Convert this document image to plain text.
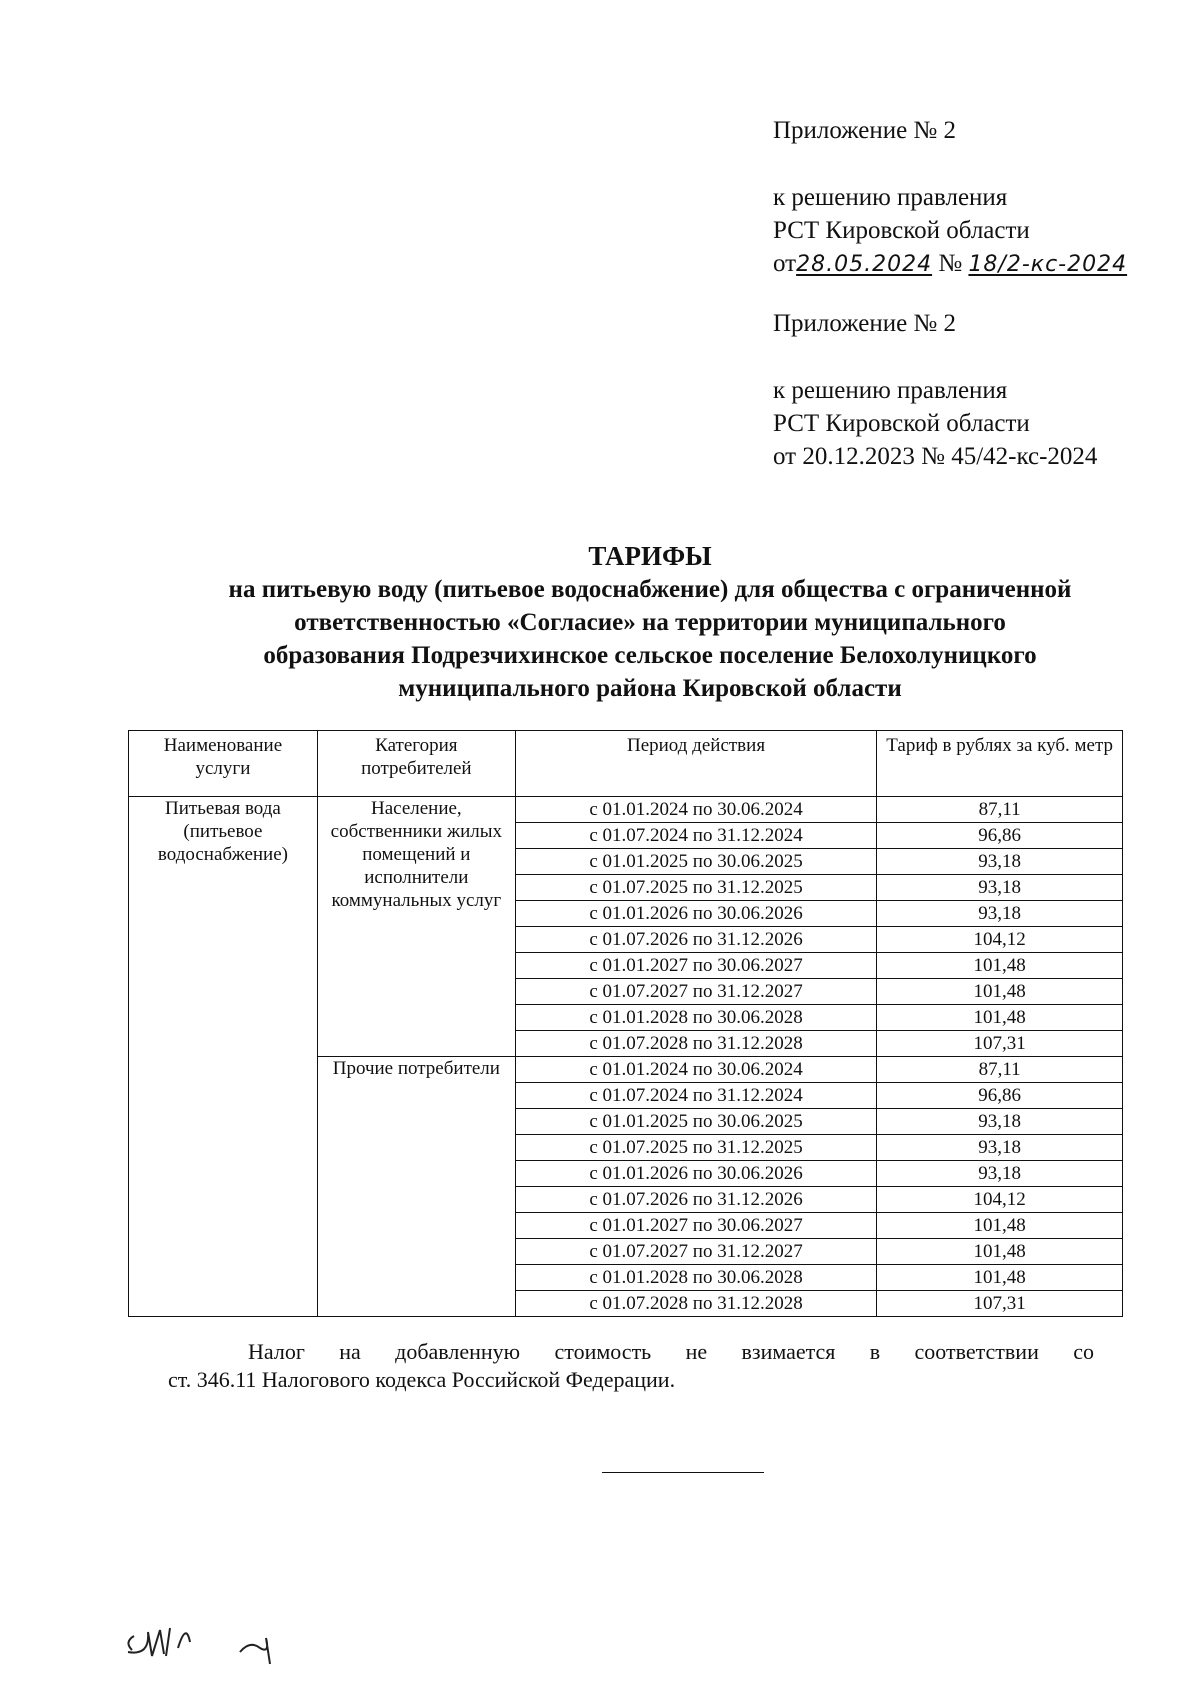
Приложение № 2
к решению правления
РСТ Кировской области
от28.05.2024 № 18/2-кс-2024
Приложение № 2
к решению правления
РСТ Кировской области
от 20.12.2023 № 45/42-кс-2024
ТАРИФЫ
на питьевую воду (питьевое водоснабжение) для общества с ограниченной
ответственностью «Согласие» на территории муниципального
образования Подрезчихинское сельское поселение Белохолуницкого
муниципального района Кировской области
Наименование услуги	Категория потребителей	Период действия	Тариф в рублях за куб. метр
Питьевая вода (питьевое водоснабжение)	Население, собственники жилых помещений и исполнители коммунальных услуг	с 01.01.2024 по 30.06.2024	87,11
		с 01.07.2024 по 31.12.2024	96,86
		с 01.01.2025 по 30.06.2025	93,18
		с 01.07.2025 по 31.12.2025	93,18
		с 01.01.2026 по 30.06.2026	93,18
		с 01.07.2026 по 31.12.2026	104,12
		с 01.01.2027 по 30.06.2027	101,48
		с 01.07.2027 по 31.12.2027	101,48
		с 01.01.2028 по 30.06.2028	101,48
		с 01.07.2028 по 31.12.2028	107,31
	Прочие потребители	с 01.01.2024 по 30.06.2024	87,11
		с 01.07.2024 по 31.12.2024	96,86
		с 01.01.2025 по 30.06.2025	93,18
		с 01.07.2025 по 31.12.2025	93,18
		с 01.01.2026 по 30.06.2026	93,18
		с 01.07.2026 по 31.12.2026	104,12
		с 01.01.2027 по 30.06.2027	101,48
		с 01.07.2027 по 31.12.2027	101,48
		с 01.01.2028 по 30.06.2028	101,48
		с 01.07.2028 по 31.12.2028	107,31
Налог на добавленную стоимость не взимается в соответствии со
ст. 346.11 Налогового кодекса Российской Федерации.
